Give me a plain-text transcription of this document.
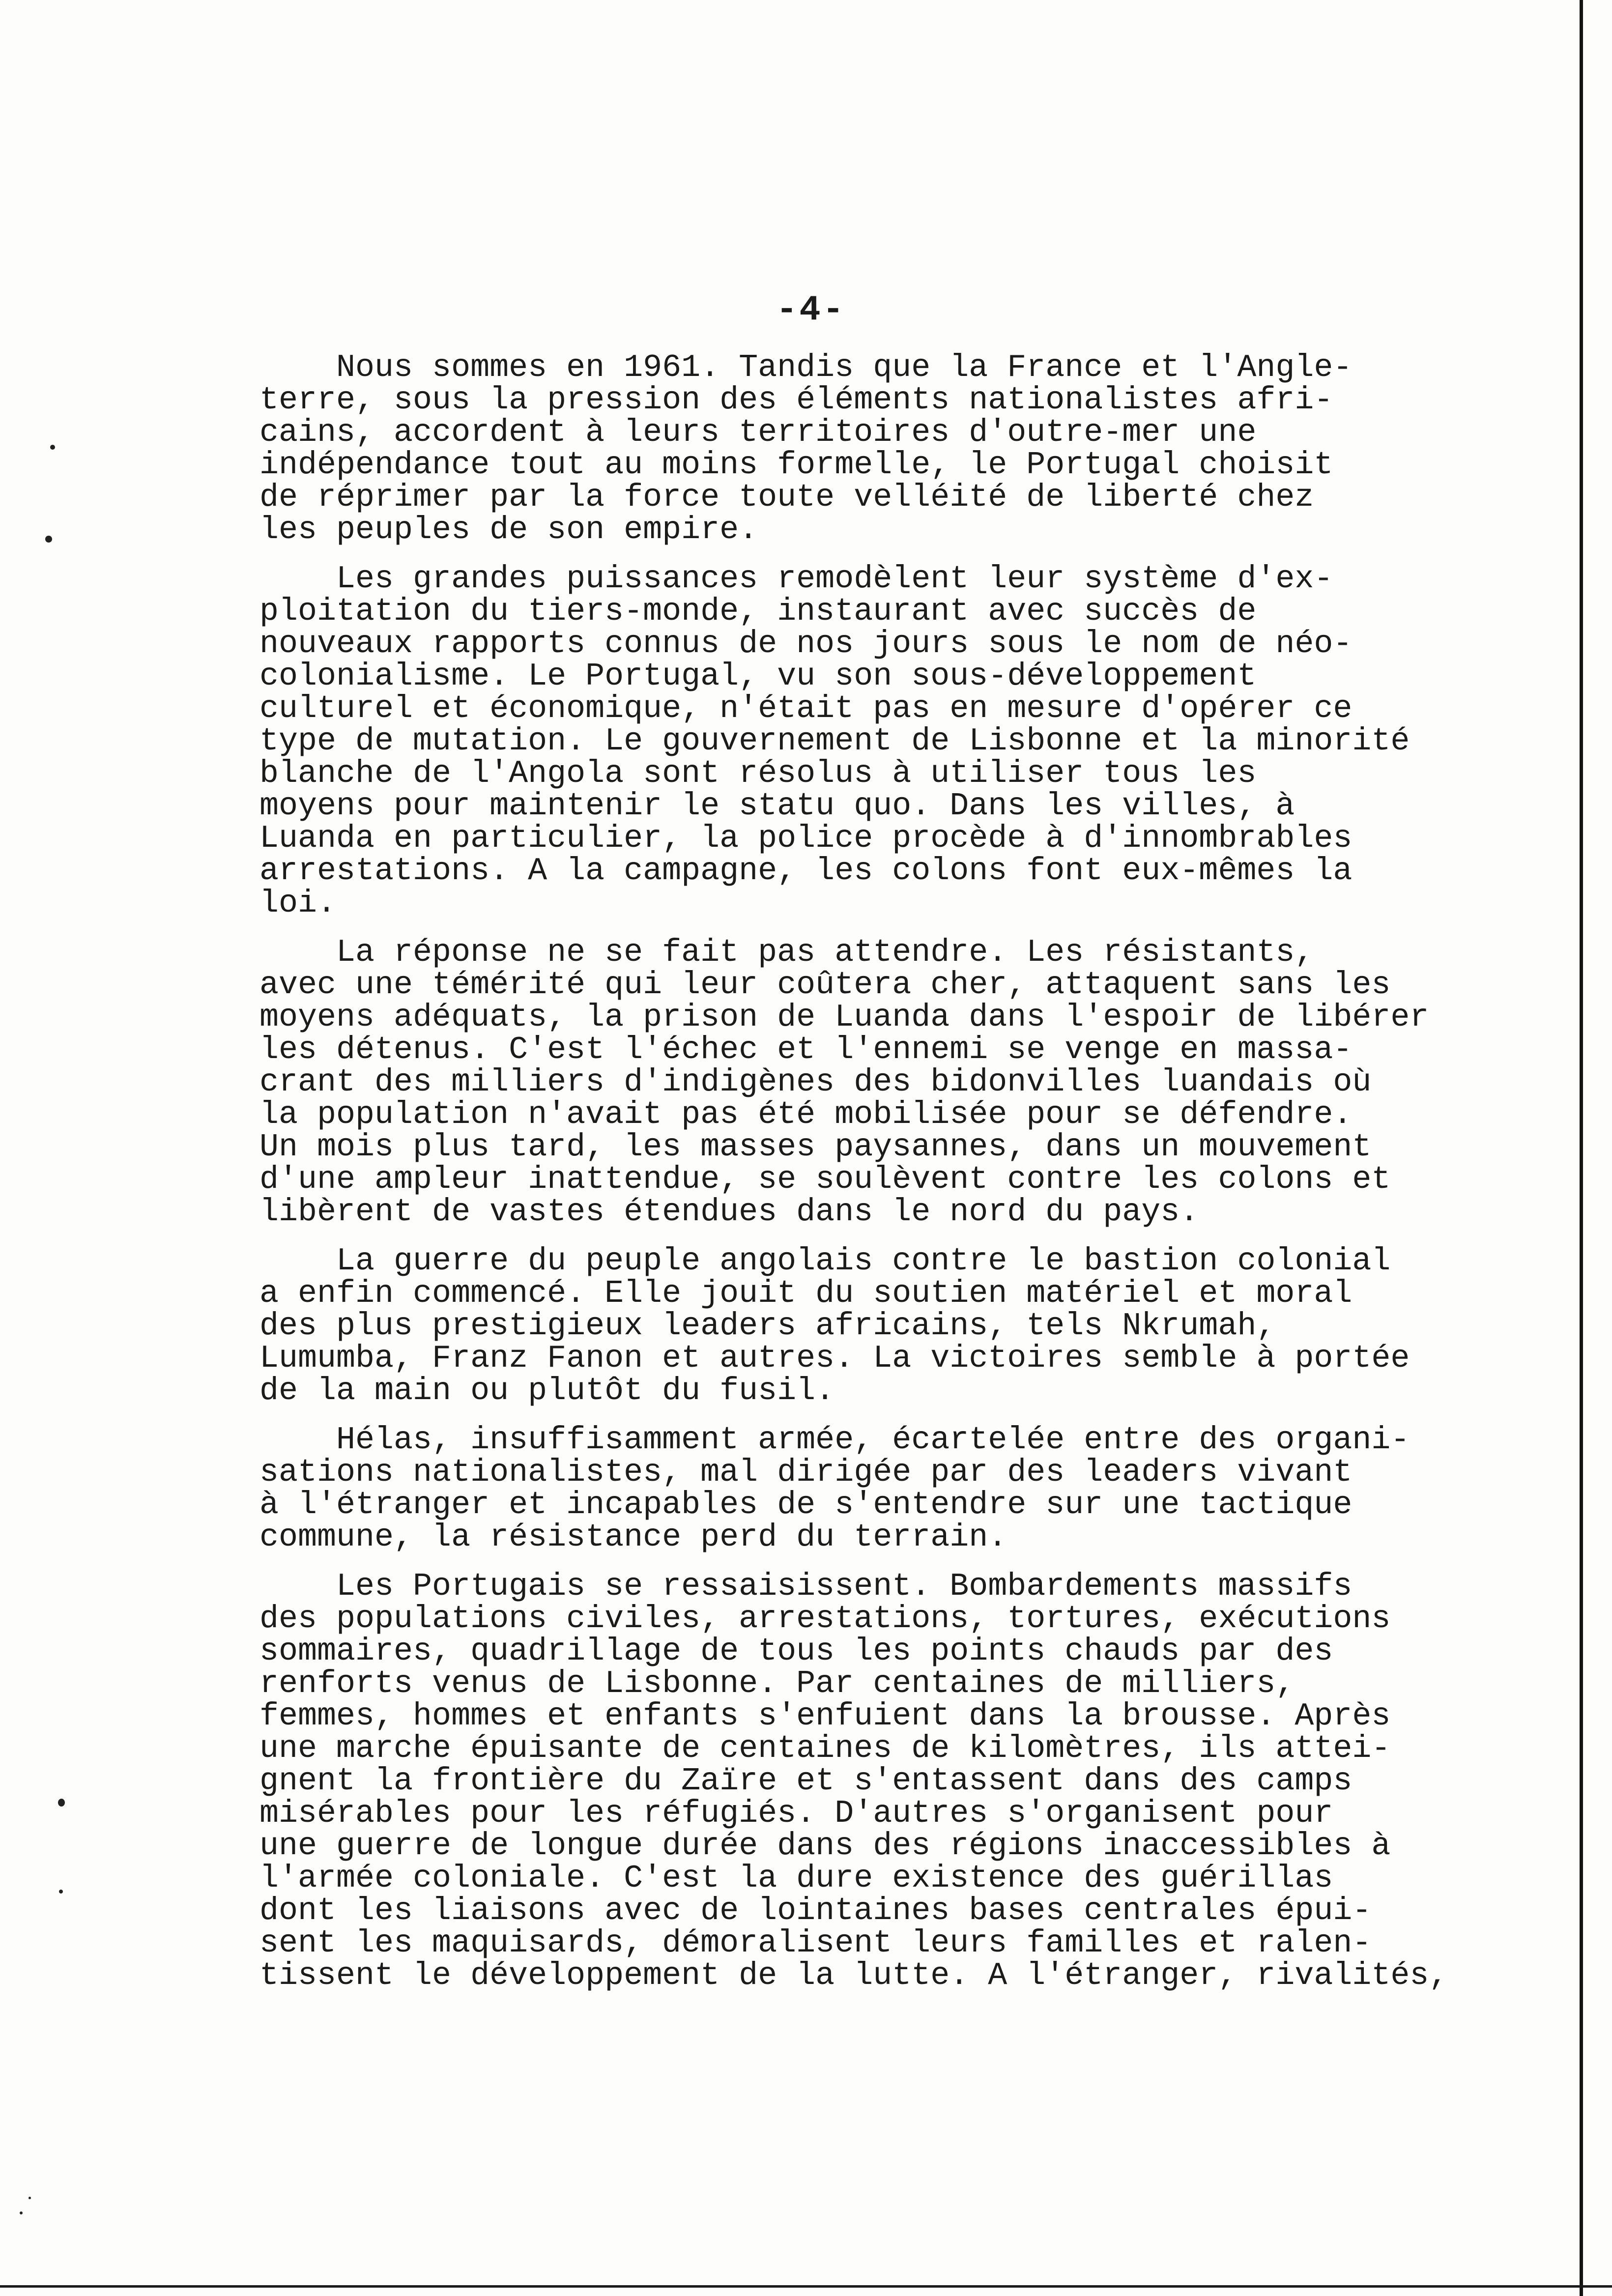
-4-
Nous sommes en 1961. Tandis que la France et l'Angle-
terre, sous la pression des éléments nationalistes afri-
cains, accordent à leurs territoires d'outre-mer une
indépendance tout au moins formelle, le Portugal choisit
de réprimer par la force toute velléité de liberté chez
les peuples de son empire.
Les grandes puissances remodèlent leur système d'ex-
ploitation du tiers-monde, instaurant avec succès de
nouveaux rapports connus de nos jours sous le nom de néo-
colonialisme. Le Portugal, vu son sous-développement
culturel et économique, n'était pas en mesure d'opérer ce
type de mutation. Le gouvernement de Lisbonne et la minorité
blanche de l'Angola sont résolus à utiliser tous les
moyens pour maintenir le statu quo. Dans les villes, à
Luanda en particulier, la police procède à d'innombrables
arrestations. A la campagne, les colons font eux-mêmes la
loi.
La réponse ne se fait pas attendre. Les résistants,
avec une témérité qui leur coûtera cher, attaquent sans les
moyens adéquats, la prison de Luanda dans l'espoir de libérer
les détenus. C'est l'échec et l'ennemi se venge en massa-
crant des milliers d'indigènes des bidonvilles luandais où
la population n'avait pas été mobilisée pour se défendre.
Un mois plus tard, les masses paysannes, dans un mouvement
d'une ampleur inattendue, se soulèvent contre les colons et
libèrent de vastes étendues dans le nord du pays.
La guerre du peuple angolais contre le bastion colonial
a enfin commencé. Elle jouit du soutien matériel et moral
des plus prestigieux leaders africains, tels Nkrumah,
Lumumba, Franz Fanon et autres. La victoires semble à portée
de la main ou plutôt du fusil.
Hélas, insuffisamment armée, écartelée entre des organi-
sations nationalistes, mal dirigée par des leaders vivant
à l'étranger et incapables de s'entendre sur une tactique
commune, la résistance perd du terrain.
Les Portugais se ressaisissent. Bombardements massifs
des populations civiles, arrestations, tortures, exécutions
sommaires, quadrillage de tous les points chauds par des
renforts venus de Lisbonne. Par centaines de milliers,
femmes, hommes et enfants s'enfuient dans la brousse. Après
une marche épuisante de centaines de kilomètres, ils attei-
gnent la frontière du Zaïre et s'entassent dans des camps
misérables pour les réfugiés. D'autres s'organisent pour
une guerre de longue durée dans des régions inaccessibles à
l'armée coloniale. C'est la dure existence des guérillas
dont les liaisons avec de lointaines bases centrales épui-
sent les maquisards, démoralisent leurs familles et ralen-
tissent le développement de la lutte. A l'étranger, rivalités,
